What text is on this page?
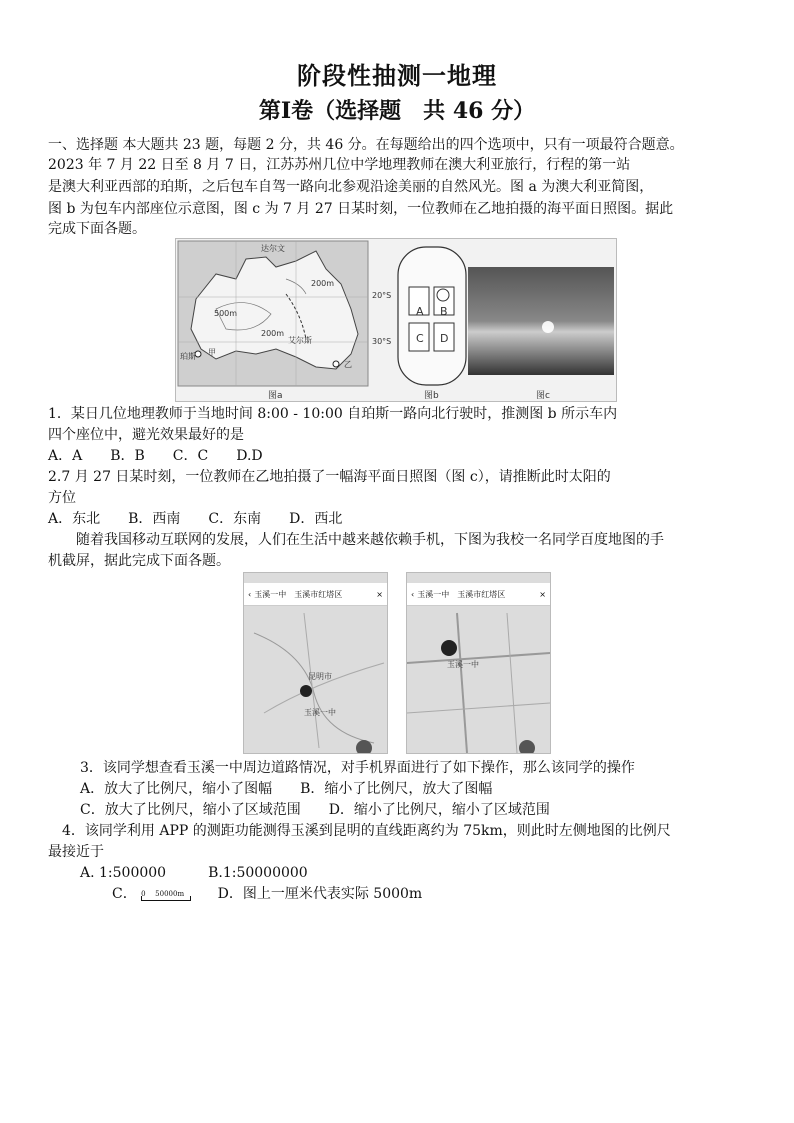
阶段性抽测一地理
第Ⅰ卷（选择题　共 46 分）
一、选择题 本大题共 23 题，每题 2 分，共 46 分。在每题给出的四个选项中，只有一项最符合题意。
2023 年 7 月 22 日至 8 月 7 日，江苏苏州几位中学地理教师在澳大利亚旅行，行程的第一站
是澳大利亚西部的珀斯，之后包车自驾一路向北参观沿途美丽的自然风光。图 a 为澳大利亚简图，
图 b 为包车内部座位示意图，图 c 为 7 月 27 日某时刻，一位教师在乙地拍摄的海平面日照图。据此
完成下面各题。
达尔文
200m
500m
200m
艾尔斯
珀斯 甲
乙
20°S
30°S
A B
C D
图a	图b	图c
1．某日几位地理教师于当地时间 8:00 - 10:00 自珀斯一路向北行驶时，推测图 b 所示车内
四个座位中，避光效果最好的是
A．A　　B．B　　C．C　　D.D
2.7 月 27 日某时刻，一位教师在乙地拍摄了一幅海平面日照图（图 c），请推断此时太阳的
方位
A．东北　　B．西南　　C．东南　　D．西北
　　随着我国移动互联网的发展，人们在生活中越来越依赖手机，下图为我校一名同学百度地图的手
机截屏，据此完成下面各题。
‹ 玉溪一中　玉溪市红塔区	×
昆明市
玉溪一中
‹ 玉溪一中　玉溪市红塔区	×
玉溪一中
3．该同学想查看玉溪一中周边道路情况，对手机界面进行了如下操作，那么该同学的操作
A．放大了比例尺，缩小了图幅　　B．缩小了比例尺，放大了图幅
C．放大了比例尺，缩小了区域范围　　D．缩小了比例尺，缩小了区域范围
　4．该同学利用 APP 的测距功能测得玉溪到昆明的直线距离约为 75km，则此时左侧地图的比例尺
最接近于
A. 1:500000　　　B.1:50000000
C． 0 50000m D．图上一厘米代表实际 5000m
